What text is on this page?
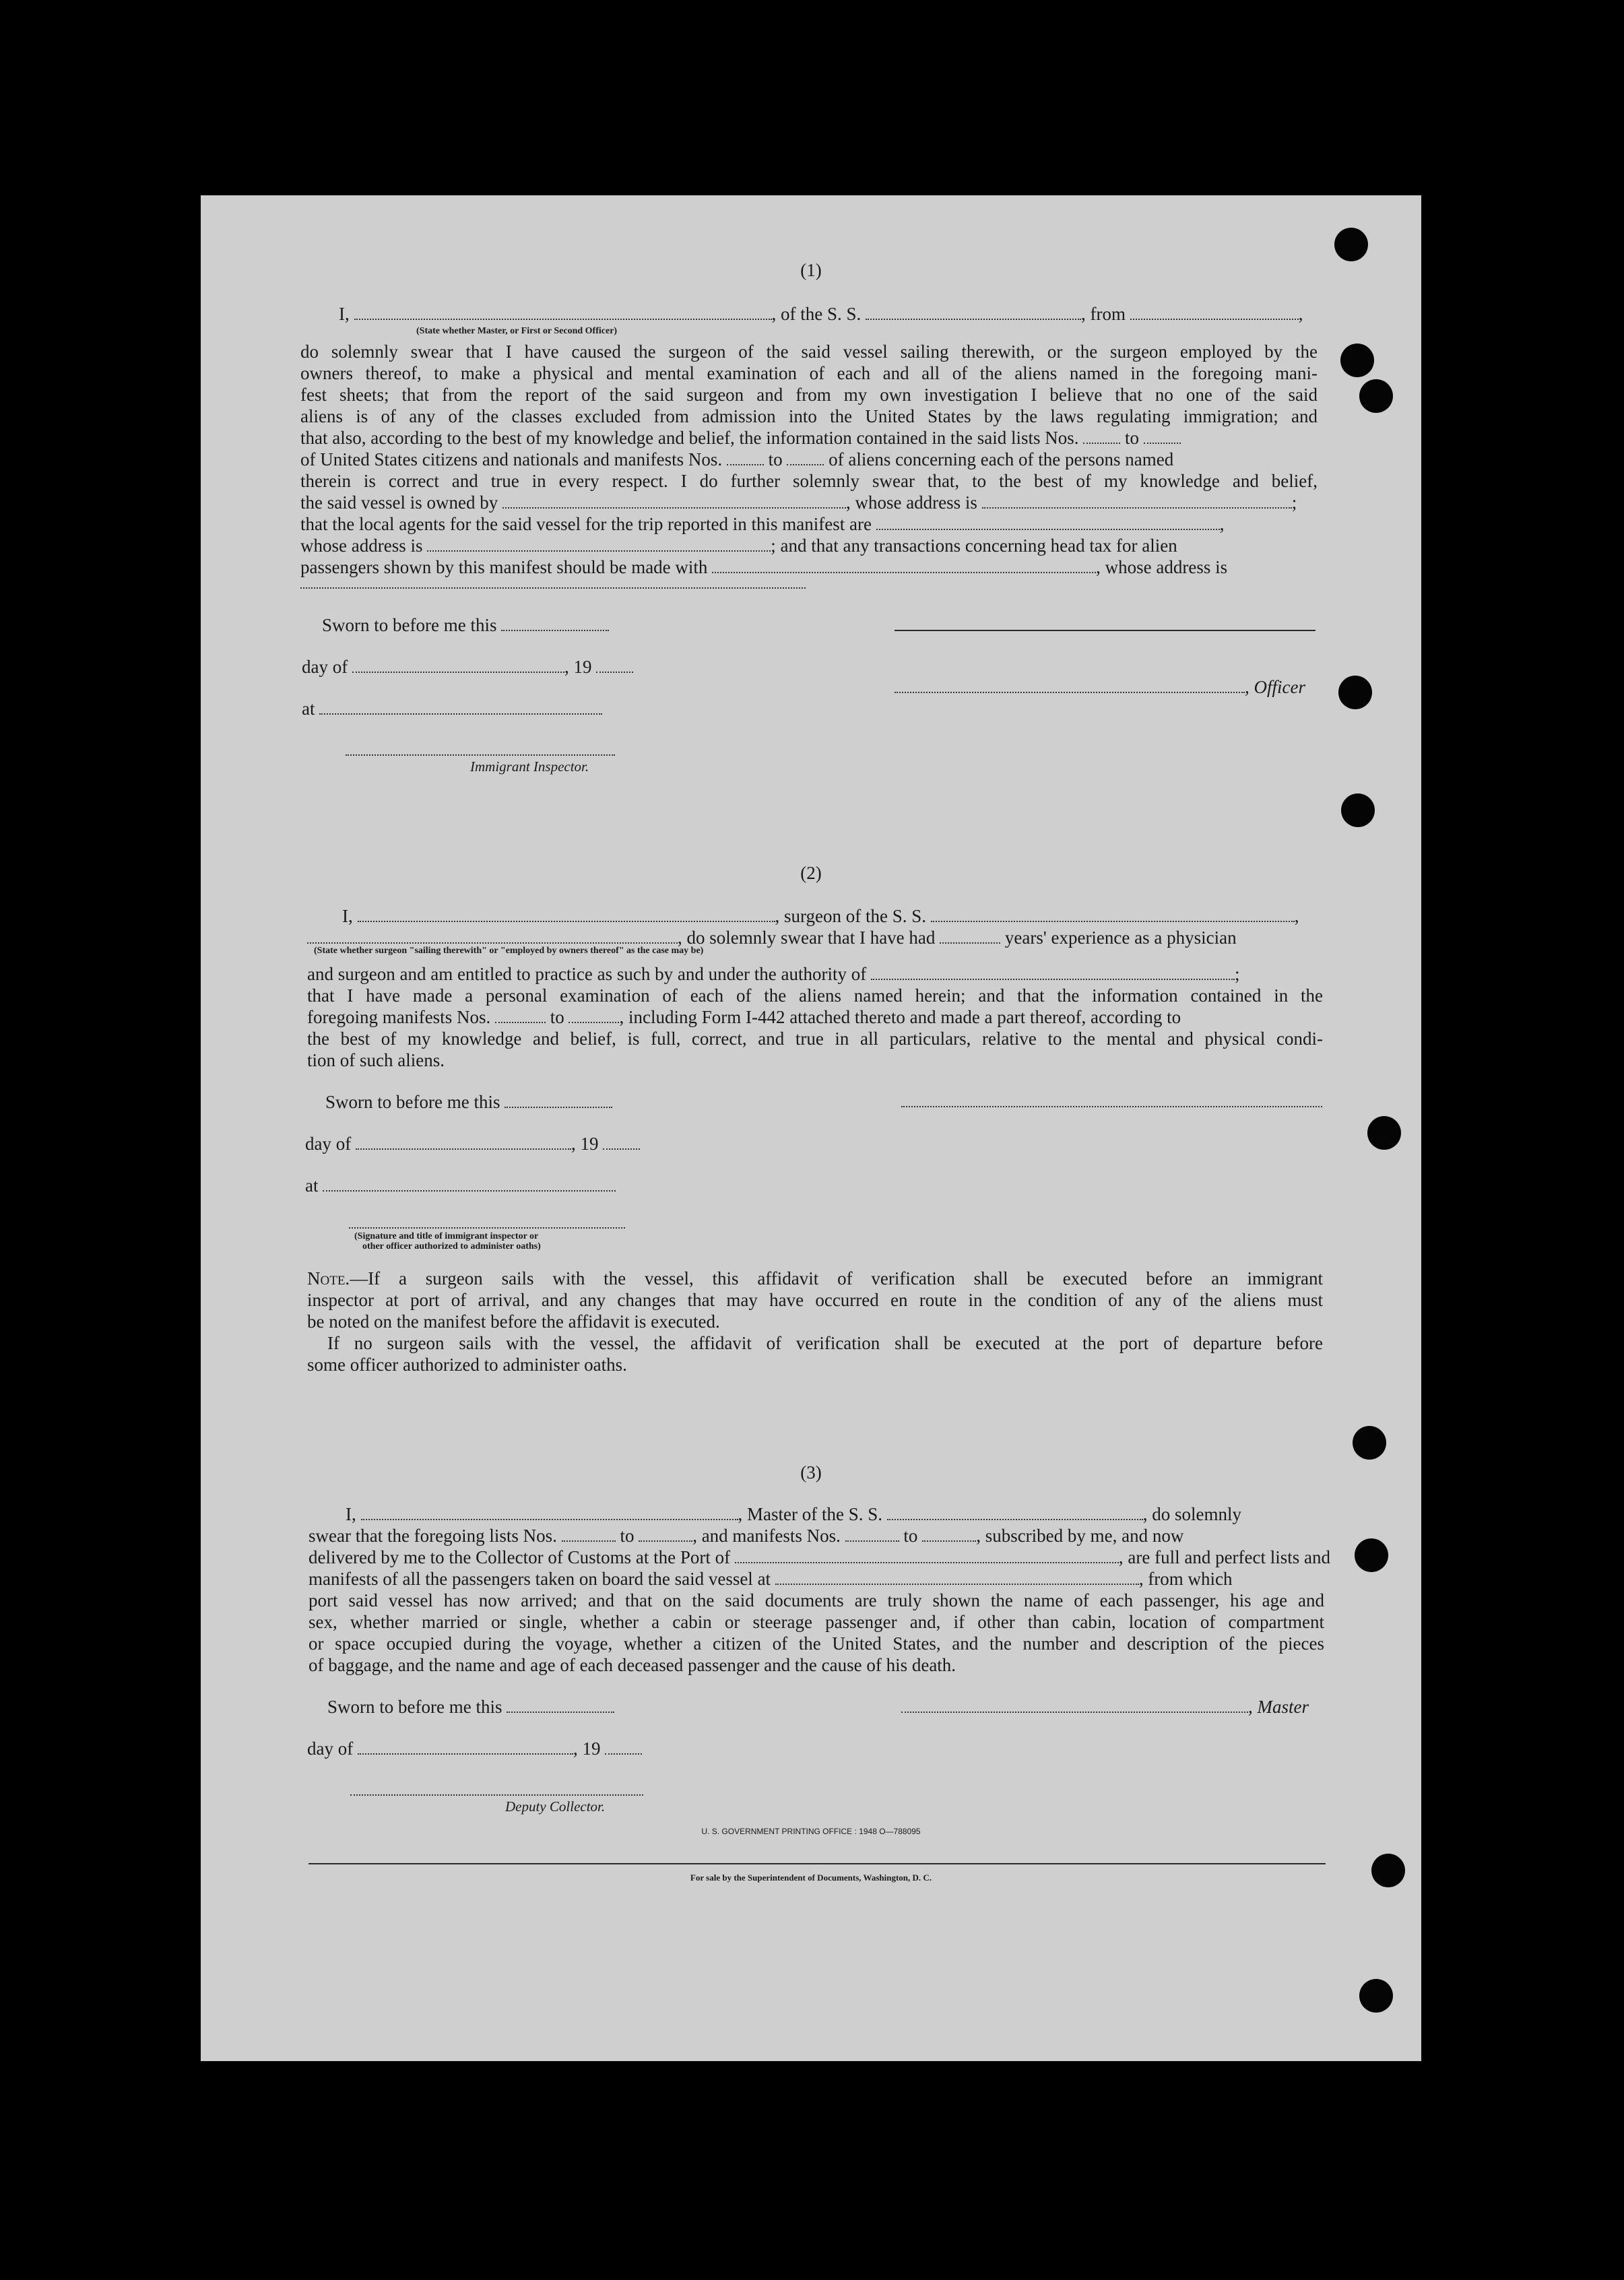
(1)
I,	, of the S. S.	, from	,
(State whether Master, or First or Second Officer)
do solemnly swear that I have caused the surgeon of the said vessel sailing therewith, or the surgeon employed by the
owners thereof, to make a physical and mental examination of each and all of the aliens named in the foregoing mani-
fest sheets; that from the report of the said surgeon and from my own investigation I believe that no one of the said
aliens is of any of the classes excluded from admission into the United States by the laws regulating immigration; and
that also, according to the best of my knowledge and belief, the information contained in the said lists Nos.	to
of United States citizens and nationals and manifests Nos.	to	of aliens concerning each of the persons named
therein is correct and true in every respect. I do further solemnly swear that, to the best of my knowledge and belief,
the said vessel is owned by	, whose address is	;
that the local agents for the said vessel for the trip reported in this manifest are	,
whose address is	; and that any transactions concerning head tax for alien
passengers shown by this manifest should be made with	, whose address is
Sworn to before me this
day of	, 19
, Officer
at
Immigrant Inspector.
(2)
I,	, surgeon of the S. S.	,
, do solemnly swear that I have had	years' experience as a physician
(State whether surgeon "sailing therewith" or "employed by owners thereof" as the case may be)
and surgeon and am entitled to practice as such by and under the authority of	;
that I have made a personal examination of each of the aliens named herein; and that the information contained in the
foregoing manifests Nos.	to	, including Form I-442 attached thereto and made a part thereof, according to
the best of my knowledge and belief, is full, correct, and true in all particulars, relative to the mental and physical condi-
tion of such aliens.
Sworn to before me this
day of	, 19
at
(Signature and title of immigrant inspector or
other officer authorized to administer oaths)
Note. —If a surgeon sails with the vessel, this affidavit of verification shall be executed before an immigrant
inspector at port of arrival, and any changes that may have occurred en route in the condition of any of the aliens must
be noted on the manifest before the affidavit is executed.
If no surgeon sails with the vessel, the affidavit of verification shall be executed at the port of departure before
some officer authorized to administer oaths.
(3)
I,	, Master of the S. S.	, do solemnly
swear that the foregoing lists Nos.	to	, and manifests Nos.	to	, subscribed by me, and now
delivered by me to the Collector of Customs at the Port of	, are full and perfect lists and
manifests of all the passengers taken on board the said vessel at	, from which
port said vessel has now arrived; and that on the said documents are truly shown the name of each passenger, his age and
sex, whether married or single, whether a cabin or steerage passenger and, if other than cabin, location of compartment
or space occupied during the voyage, whether a citizen of the United States, and the number and description of the pieces
of baggage, and the name and age of each deceased passenger and the cause of his death.
Sworn to before me this	, Master
day of	, 19
Deputy Collector.
U. S. GOVERNMENT PRINTING OFFICE : 1948 O—788095
For sale by the Superintendent of Documents, Washington, D. C.
